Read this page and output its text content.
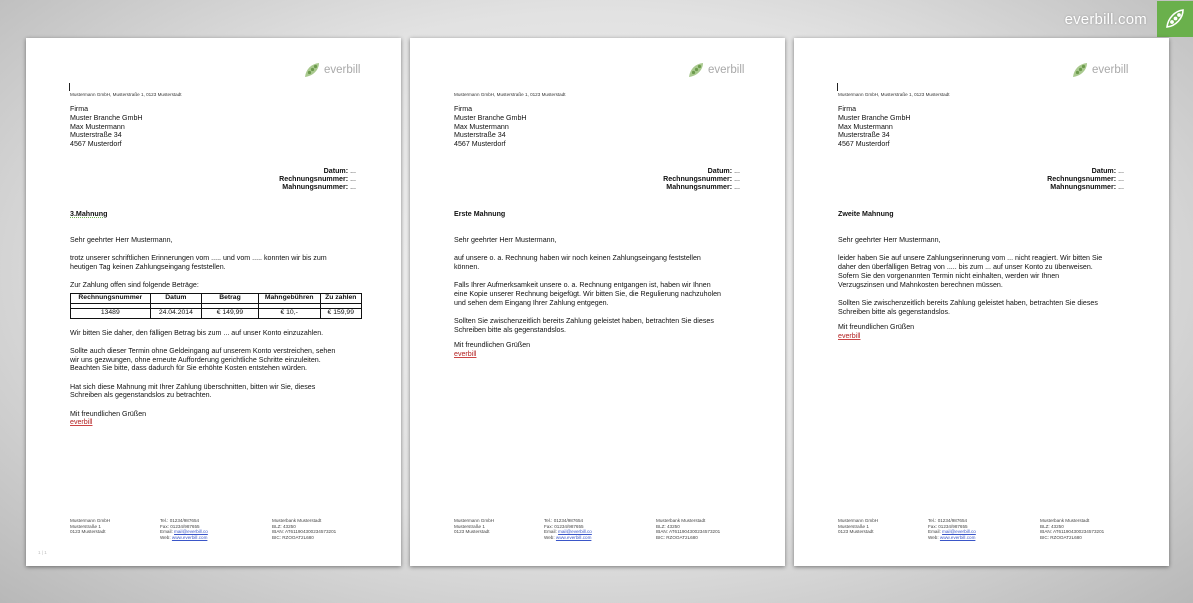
everbill.com
everbill
Mustermann GmbH, Musterstraße 1, 0123 Musterstadt
Firma
Muster Branche GmbH
Max Mustermann
Musterstraße 34
4567 Musterdorf
Datum: ...
Rechnungsnummer: ...
Mahnungsnummer: ...
3.Mahnung
Sehr geehrter Herr Mustermann,
trotz unserer schriftlichen Erinnerungen vom ..... und vom ..... konnten wir bis zum
heutigen Tag keinen Zahlungseingang feststellen.
Zur Zahlung offen sind folgende Beträge:
Rechnungsnummer	Datum	Betrag	Mahngebühren	Zu zahlen

13489	24.04.2014	€ 149,99	€ 10,-	€ 159,99
Wir bitten Sie daher, den fälligen Betrag bis zum ... auf unser Konto einzuzahlen.
Sollte auch dieser Termin ohne Geldeingang auf unserem Konto verstreichen, sehen
wir uns gezwungen, ohne erneute Aufforderung gerichtliche Schritte einzuleiten.
Beachten Sie bitte, dass dadurch für Sie erhöhte Kosten entstehen würden.
Hat sich diese Mahnung mit Ihrer Zahlung überschnitten, bitten wir Sie, dieses
Schreiben als gegenstandslos zu betrachten.
Mit freundlichen Grüßen
everbill
Mustermann GmbH
Musterstraße 1
0123 Musterstadt
Tel.: 01234/987654
Fax: 01234/987655
Email: mail@everbill.co
Web: www.everbill.com
Musterbank Musterstadt
BLZ: 43250
IBAN: AT611904300234573201
BIC: RZOOAT2L680
1 | 1
everbill
Mustermann GmbH, Musterstraße 1, 0123 Musterstadt
Firma
Muster Branche GmbH
Max Mustermann
Musterstraße 34
4567 Musterdorf
Datum: ...
Rechnungsnummer: ...
Mahnungsnummer: ...
Erste Mahnung
Sehr geehrter Herr Mustermann,
auf unsere o. a. Rechnung haben wir noch keinen Zahlungseingang feststellen
können.
Falls Ihrer Aufmerksamkeit unsere o. a. Rechnung entgangen ist, haben wir Ihnen
eine Kopie unserer Rechnung beigefügt. Wir bitten Sie, die Regulierung nachzuholen
und sehen dem Eingang Ihrer Zahlung entgegen.
Sollten Sie zwischenzeitlich bereits Zahlung geleistet haben, betrachten Sie dieses
Schreiben bitte als gegenstandslos.
Mit freundlichen Grüßen
everbill
Mustermann GmbH
Musterstraße 1
0123 Musterstadt
Tel.: 01234/987654
Fax: 01234/987655
Email: mail@everbill.co
Web: www.everbill.com
Musterbank Musterstadt
BLZ: 43250
IBAN: AT611904300234573201
BIC: RZOOAT2L680
everbill
Mustermann GmbH, Musterstraße 1, 0123 Musterstadt
Firma
Muster Branche GmbH
Max Mustermann
Musterstraße 34
4567 Musterdorf
Datum: ...
Rechnungsnummer: ...
Mahnungsnummer: ...
Zweite Mahnung
Sehr geehrter Herr Mustermann,
leider haben Sie auf unsere Zahlungserinnerung vom ... nicht reagiert. Wir bitten Sie
daher den überfälligen Betrag von ..... bis zum ... auf unser Konto zu überweisen.
Sofern Sie den vorgenannten Termin nicht einhalten, werden wir Ihnen
Verzugszinsen und Mahnkosten berechnen müssen.
Sollten Sie zwischenzeitlich bereits Zahlung geleistet haben, betrachten Sie dieses
Schreiben bitte als gegenstandslos.
Mit freundlichen Grüßen
everbill
Mustermann GmbH
Musterstraße 1
0123 Musterstadt
Tel.: 01234/987654
Fax: 01234/987655
Email: mail@everbill.co
Web: www.everbill.com
Musterbank Musterstadt
BLZ: 43250
IBAN: AT611904300234573201
BIC: RZOOAT2L680
